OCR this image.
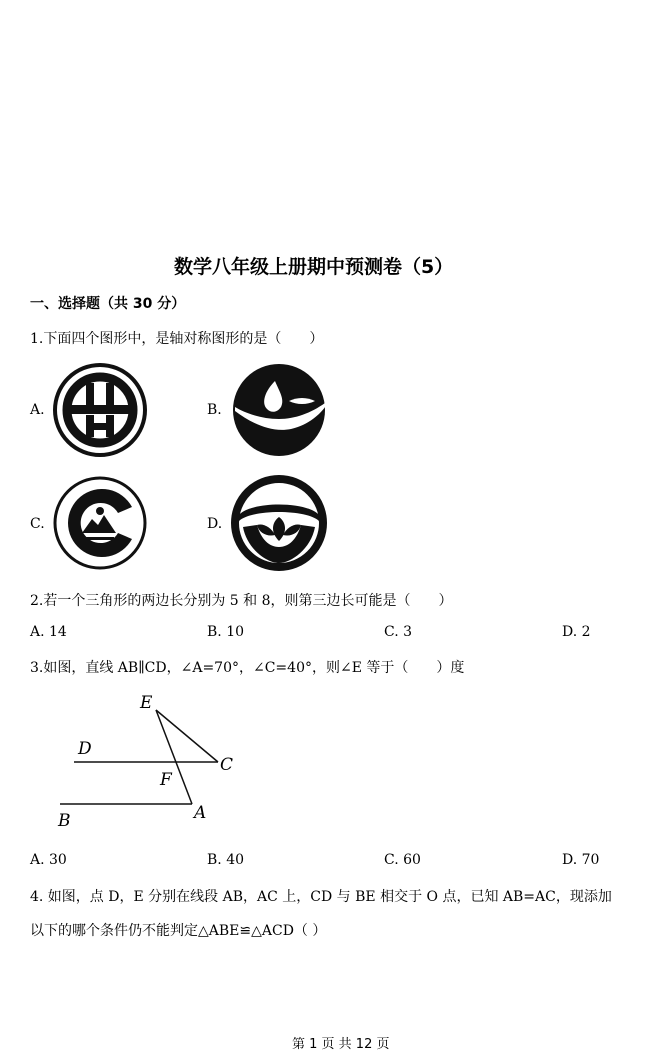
数学八年级上册期中预测卷（5）
一、选择题（共 30 分）
1.下面四个图形中，是轴对称图形的是（　　）
A.	B.
C.	D.
2.若一个三角形的两边长分别为 5 和 8，则第三边长可能是（　　）
A. 14	B. 10	C. 3	D. 2
3.如图，直线 AB∥CD，∠A=70°，∠C=40°，则∠E 等于（　　）度
E
D
C
F
B	A
A. 30	B. 40	C. 60	D. 70
4. 如图，点 D，E 分别在线段 AB，AC 上，CD 与 BE 相交于 O 点，已知 AB=AC，现添加
以下的哪个条件仍不能判定△ABE≌△ACD（ ）
第 1 页 共 12 页
